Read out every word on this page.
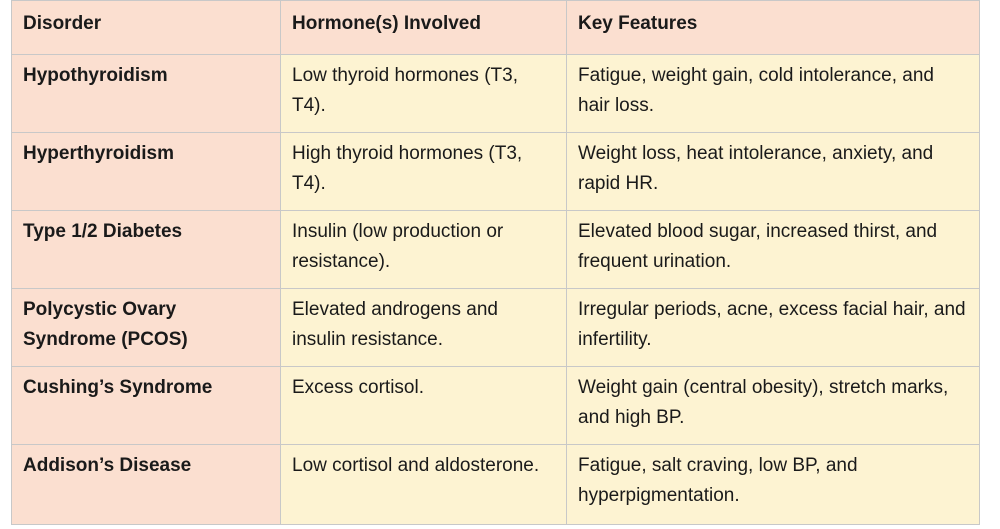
Disorder	Hormone(s) Involved	Key Features
Hypothyroidism	Low thyroid hormones (T3, T4).	Fatigue, weight gain, cold intolerance, and hair loss.
Hyperthyroidism	High thyroid hormones (T3, T4).	Weight loss, heat intolerance, anxiety, and rapid HR.
Type 1/2 Diabetes	Insulin (low production or resistance).	Elevated blood sugar, increased thirst, and frequent urination.
Polycystic Ovary Syndrome (PCOS)	Elevated androgens and insulin resistance.	Irregular periods, acne, excess facial hair, and infertility.
Cushing’s Syndrome	Excess cortisol.	Weight gain (central obesity), stretch marks, and high BP.
Addison’s Disease	Low cortisol and aldosterone.	Fatigue, salt craving, low BP, and hyperpigmentation.
